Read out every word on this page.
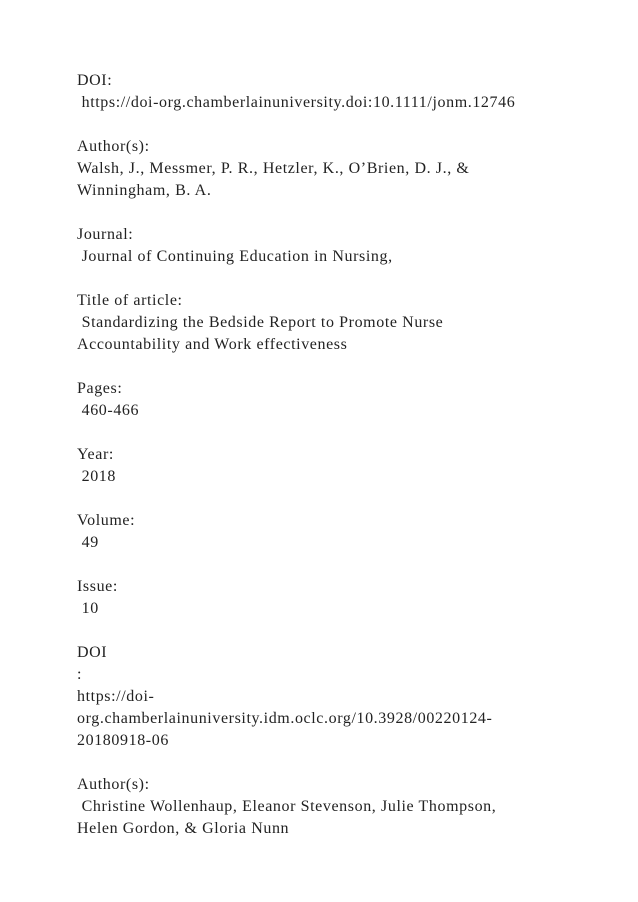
DOI:
https://doi-org.chamberlainuniversity.doi:10.1111/jonm.12746
Author(s):
Walsh, J., Messmer, P. R., Hetzler, K., O’Brien, D. J., &
Winningham, B. A.
Journal:
Journal of Continuing Education in Nursing,
Title of article:
Standardizing the Bedside Report to Promote Nurse
Accountability and Work effectiveness
Pages:
460-466
Year:
2018
Volume:
49
Issue:
10
DOI
:
https://doi-
org.chamberlainuniversity.idm.oclc.org/10.3928/00220124-
20180918-06
Author(s):
Christine Wollenhaup, Eleanor Stevenson, Julie Thompson,
Helen Gordon, & Gloria Nunn
